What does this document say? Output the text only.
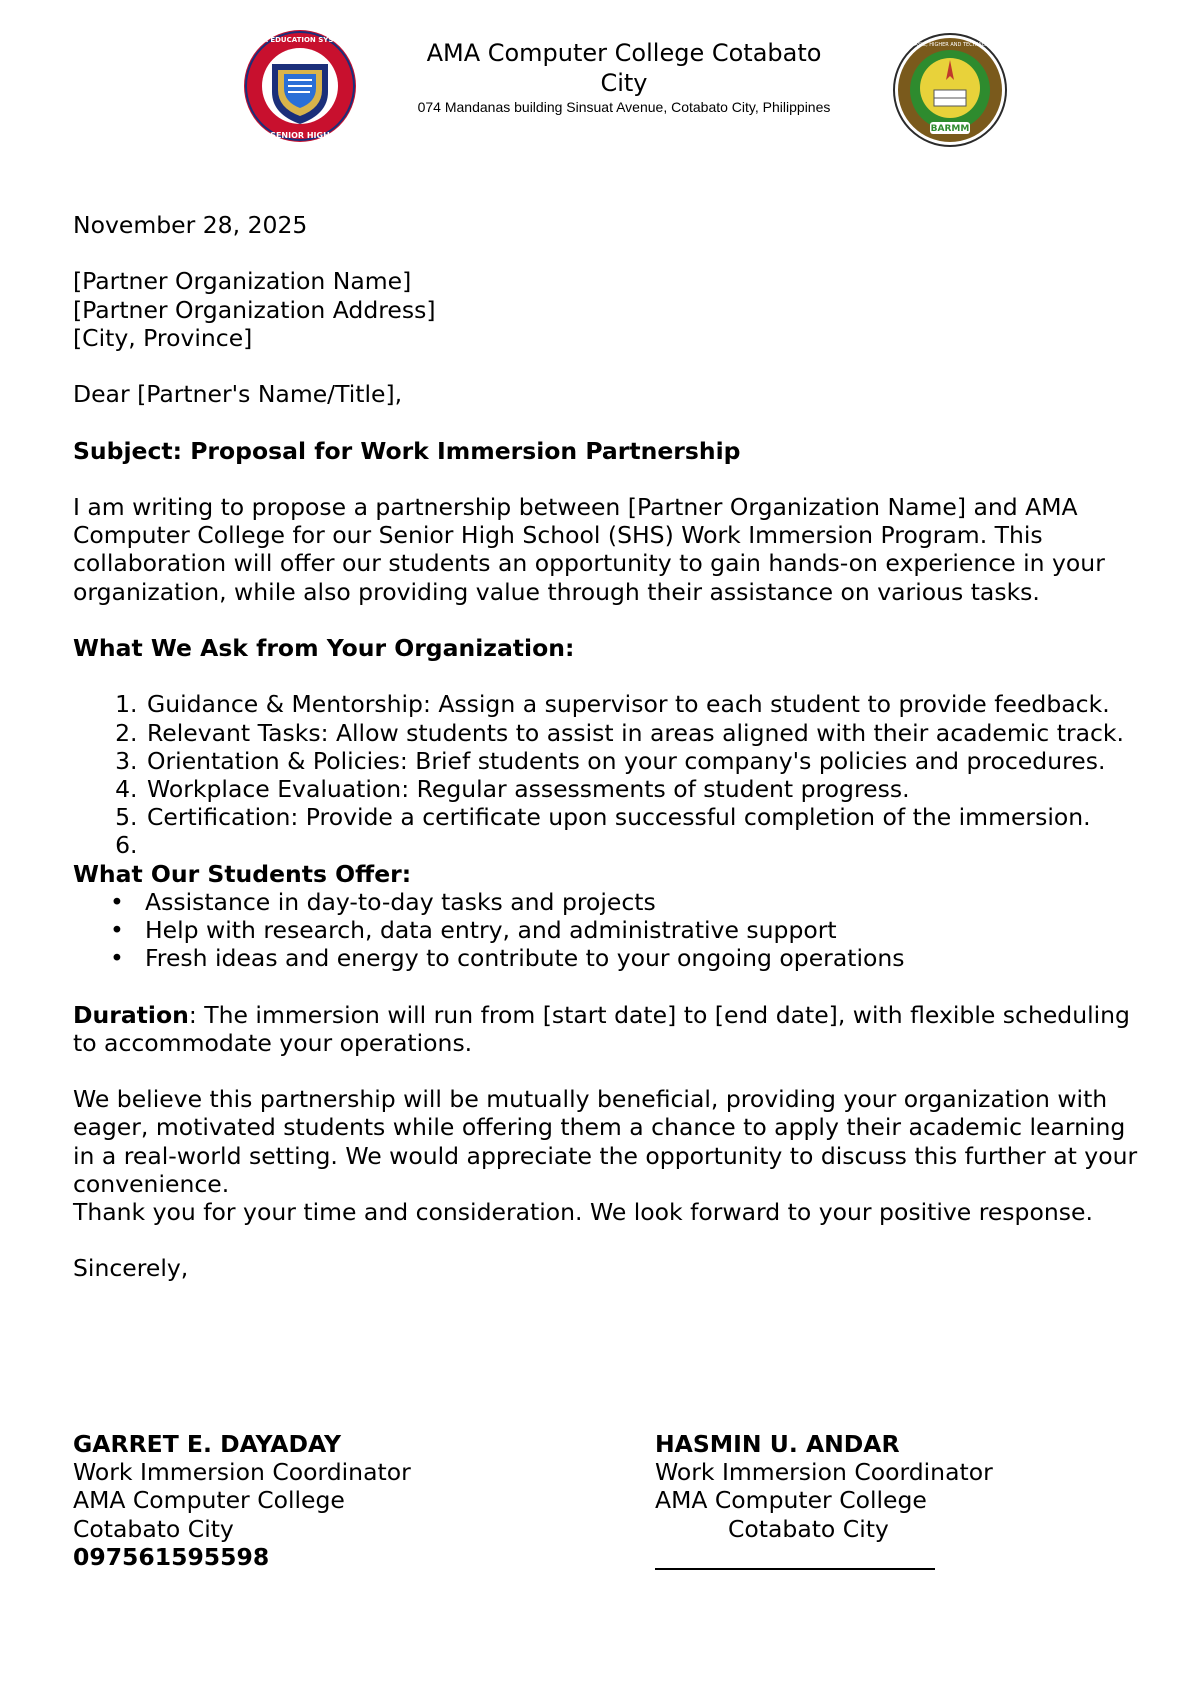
AMA EDUCATION SYSTEM
SENIOR HIGH
AMA Computer College Cotabato City
074 Mandanas building Sinsuat Avenue, Cotabato City, Philippines
BARMM
MINISTRY OF BASIC, HIGHER AND TECHNICAL EDUCATION

November 28, 2025

[Partner Organization Name]

[Partner Organization Address]

[City, Province]

Dear [Partner's Name/Title],

Subject: Proposal for Work Immersion Partnership

I am writing to propose a partnership between [Partner Organization Name] and AMA Computer College for our Senior High School (SHS) Work Immersion Program. This collaboration will offer our students an opportunity to gain hands-on experience in your organization, while also providing value through their assistance on various tasks.

What We Ask from Your Organization:

1. Guidance & Mentorship: Assign a supervisor to each student to provide feedback.
2. Relevant Tasks: Allow students to assist in areas aligned with their academic track.
3. Orientation & Policies: Brief students on your company's policies and procedures.
4. Workplace Evaluation: Regular assessments of student progress.
5. Certification: Provide a certificate upon successful completion of the immersion.
6.

What Our Students Offer:

• Assistance in day-to-day tasks and projects
• Help with research, data entry, and administrative support
• Fresh ideas and energy to contribute to your ongoing operations

Duration: The immersion will run from [start date] to [end date], with flexible scheduling to accommodate your operations.

We believe this partnership will be mutually beneficial, providing your organization with eager, motivated students while offering them a chance to apply their academic learning in a real-world setting. We would appreciate the opportunity to discuss this further at your convenience.

Thank you for your time and consideration. We look forward to your positive response.

Sincerely,

GARRET E. DAYADAY
Work Immersion Coordinator
AMA Computer College
Cotabato City
097561595598
HASMIN U. ANDAR
Work Immersion Coordinator
AMA Computer College
Cotabato City
